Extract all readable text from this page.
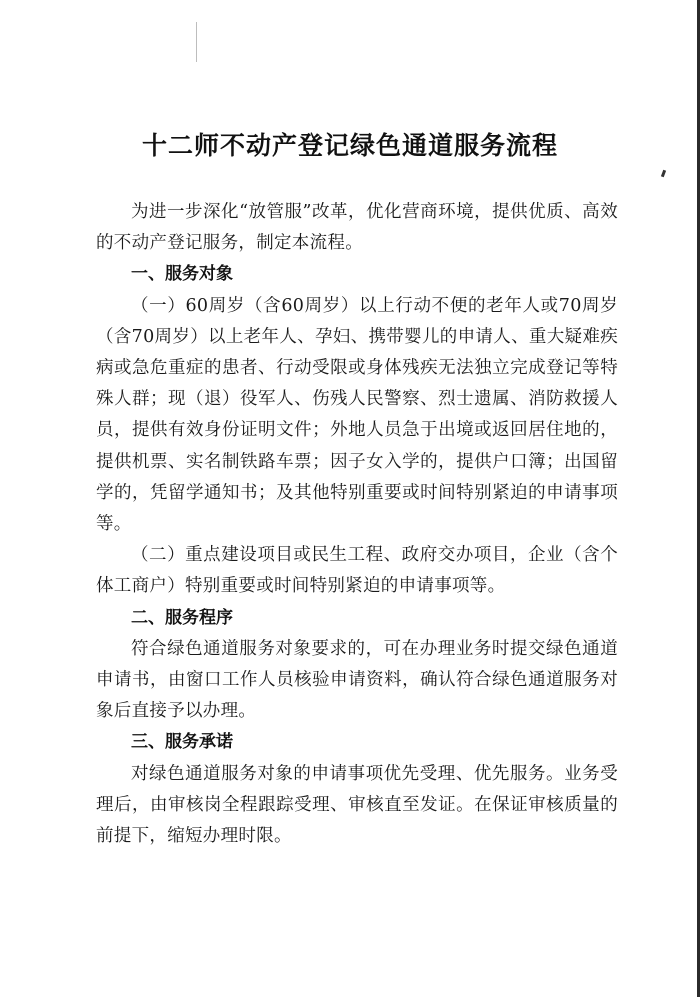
十二师不动产登记绿色通道服务流程

为进一步深化“放管服”改革，优化营商环境，提供优质、高效的不动产登记服务，制定本流程。

一、服务对象

（一）60周岁（含60周岁）以上行动不便的老年人或70周岁（含70周岁）以上老年人、孕妇、携带婴儿的申请人、重大疑难疾病或急危重症的患者、行动受限或身体残疾无法独立完成登记等特殊人群；现（退）役军人、伤残人民警察、烈士遗属、消防救援人员，提供有效身份证明文件；外地人员急于出境或返回居住地的，提供机票、实名制铁路车票；因子女入学的，提供户口簿；出国留学的，凭留学通知书；及其他特别重要或时间特别紧迫的申请事项等。

（二）重点建设项目或民生工程、政府交办项目，企业（含个体工商户）特别重要或时间特别紧迫的申请事项等。

二、服务程序

符合绿色通道服务对象要求的，可在办理业务时提交绿色通道申请书，由窗口工作人员核验申请资料，确认符合绿色通道服务对象后直接予以办理。

三、服务承诺

对绿色通道服务对象的申请事项优先受理、优先服务。业务受理后，由审核岗全程跟踪受理、审核直至发证。在保证审核质量的前提下，缩短办理时限。
